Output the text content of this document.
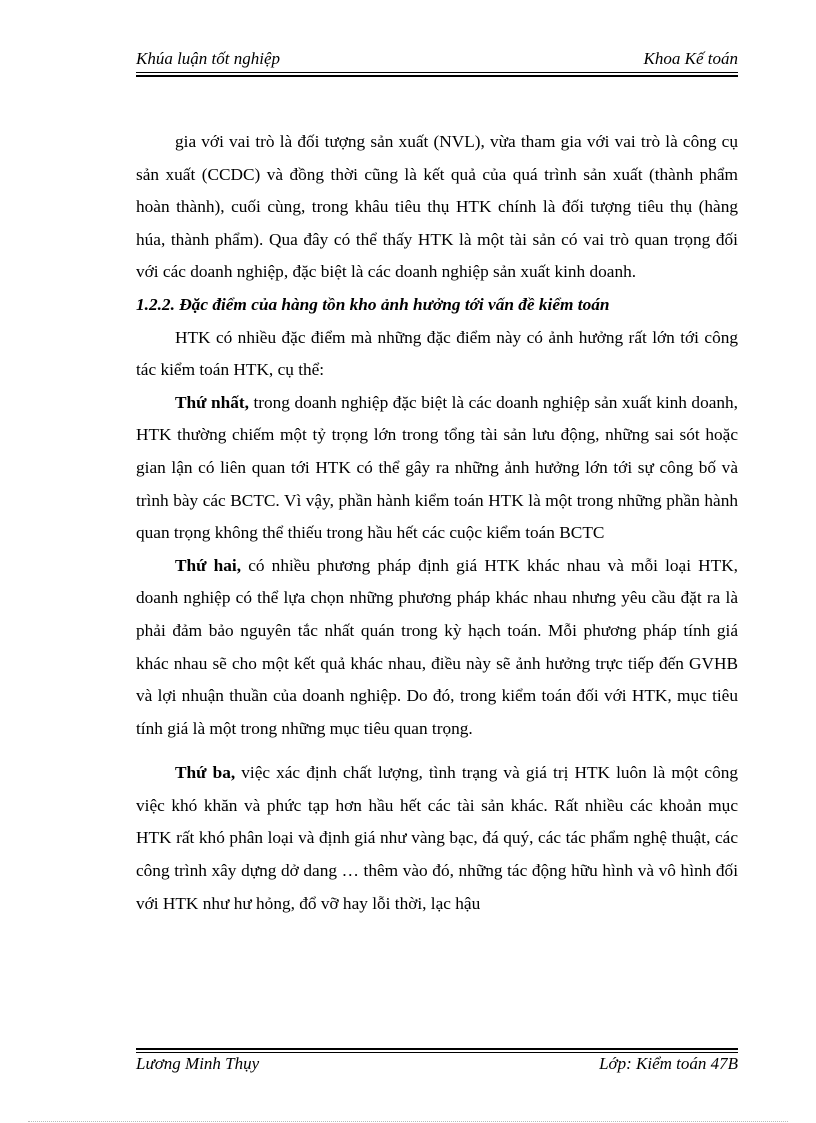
Khúa luận tốt nghiệp	Khoa Kế toán

gia với vai trò là đối tượng sản xuất (NVL), vừa tham gia với vai trò là công cụ sản xuất (CCDC) và đồng thời cũng là kết quả của quá trình sản xuất (thành phẩm hoàn thành), cuối cùng, trong khâu tiêu thụ HTK chính là đối tượng tiêu thụ (hàng húa, thành phẩm). Qua đây có thể thấy HTK là một tài sản có vai trò quan trọng đối với các doanh nghiệp, đặc biệt là các doanh nghiệp sản xuất kinh doanh.

1.2.2. Đặc điểm của hàng tồn kho ảnh hưởng tới vấn đề kiểm toán

HTK có nhiều đặc điểm mà những đặc điểm này có ảnh hưởng rất lớn tới công tác kiểm toán HTK, cụ thể:

Thứ nhất, trong doanh nghiệp đặc biệt là các doanh nghiệp sản xuất kinh doanh, HTK thường chiếm một tỷ trọng lớn trong tổng tài sản lưu động, những sai sót hoặc gian lận có liên quan tới HTK có thể gây ra những ảnh hưởng lớn tới sự công bố và trình bày các BCTC. Vì vậy, phần hành kiểm toán HTK là một trong những phần hành quan trọng không thể thiếu trong hầu hết các cuộc kiểm toán BCTC

Thứ hai, có nhiều phương pháp định giá HTK khác nhau và mỗi loại HTK, doanh nghiệp có thể lựa chọn những phương pháp khác nhau nhưng yêu cầu đặt ra là phải đảm bảo nguyên tắc nhất quán trong kỳ hạch toán. Mỗi phương pháp tính giá khác nhau sẽ cho một kết quả khác nhau, điều này sẽ ảnh hưởng trực tiếp đến GVHB và lợi nhuận thuần của doanh nghiệp. Do đó, trong kiểm toán đối với HTK, mục tiêu tính giá là một trong những mục tiêu quan trọng.

Thứ ba, việc xác định chất lượng, tình trạng và giá trị HTK luôn là một công việc khó khăn và phức tạp hơn hầu hết các tài sản khác. Rất nhiều các khoản mục HTK rất khó phân loại và định giá như vàng bạc, đá quý, các tác phẩm nghệ thuật, các công trình xây dựng dở dang … thêm vào đó, những tác động hữu hình và vô hình đối với HTK như hư hỏng, đổ vỡ hay lỗi thời, lạc hậu

Lương Minh Thụy	Lớp: Kiểm toán 47B
